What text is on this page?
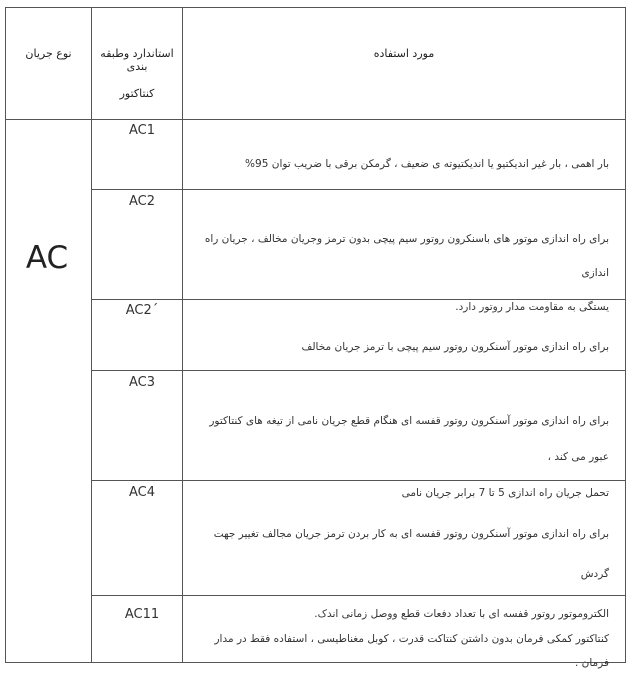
نوع جریان	استاندارد وطبقه بندی
کنتاکتور
مورد استفاده
AC
AC1
بار اهمی ، بار غیر اندیکتیو یا اندیکتیوته ی ضعیف ، گرمکن برقی با ضریب توان 95%
AC2
برای راه اندازی موتور های باسنکرون روتور سیم پیچی بدون ترمز وجریان مخالف ، جریان راه اندازی
یستگی به مقاومت مدار روتور دارد.
AC2ˊ
برای راه اندازی موتور آسنکرون روتور سیم پیچی با ترمز جریان مخالف
AC3
برای راه اندازی موتور آسنکرون روتور قفسه ای هنگام قطع جریان نامی از تیغه های کنتاکتور عبور می کند ،
تحمل جریان راه اندازی 5 تا 7 برابر جریان نامی
AC4
برای راه اندازی موتور آسنکرون روتور قفسه ای به کار بردن ترمز جریان مجالف تغییر جهت گردش
الکتروموتور روتور قفسه ای با تعداد دفعات قطع ووصل زمانی اندک.
AC11
کنتاکتور کمکی فرمان بدون داشتن کنتاکت قدرت ، کوبل مغناطیسی ، استفاده فقط در مدار فرمان .
